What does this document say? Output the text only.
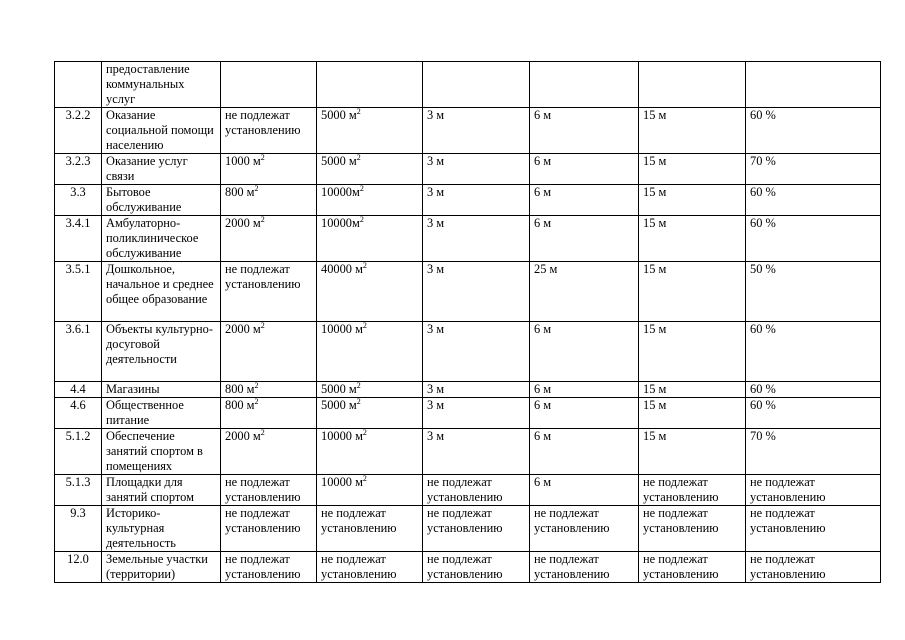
	предоставление коммунальных услуг						
3.2.2	Оказание социальной помощи населению	не подлежат установлению	5000 $м^2$	3 м	6 м	15 м	60 %
3.2.3	Оказание услуг связи	1000 $м^2$	5000 $м^2$	3 м	6 м	15 м	70 %
3.3	Бытовое обслуживание	800 $м^2$	$10000м^2$	3 м	6 м	15 м	60 %
3.4.1	Амбулаторно-поликлиническое обслуживание	2000 $м^2$	$10000м^2$	3 м	6 м	15 м	60 %
3.5.1	Дошкольное, начальное и среднее общее образование	не подлежат установлению	40000 $м^2$	3 м	25 м	15 м	50 %
3.6.1	Объекты культурно-досуговой деятельности	2000 $м^2$	10000 $м^2$	3 м	6 м	15 м	60 %
4.4	Магазины	800 $м^2$	5000 $м^2$	3 м	6 м	15 м	60 %
4.6	Общественное питание	800 $м^2$	5000 $м^2$	3 м	6 м	15 м	60 %
5.1.2	Обеспечение занятий спортом в помещениях	2000 $м^2$	10000 $м^2$	3 м	6 м	15 м	70 %
5.1.3	Площадки для занятий спортом	не подлежат установлению	10000 $м^2$	не подлежат установлению	6 м	не подлежат установлению	не подлежат установлению
9.3	Историко-культурная деятельность	не подлежат установлению	не подлежат установлению	не подлежат установлению	не подлежат установлению	не подлежат установлению	не подлежат установлению
12.0	Земельные участки (территории)	не подлежат установлению	не подлежат установлению	не подлежат установлению	не подлежат установлению	не подлежат установлению	не подлежат установлению
